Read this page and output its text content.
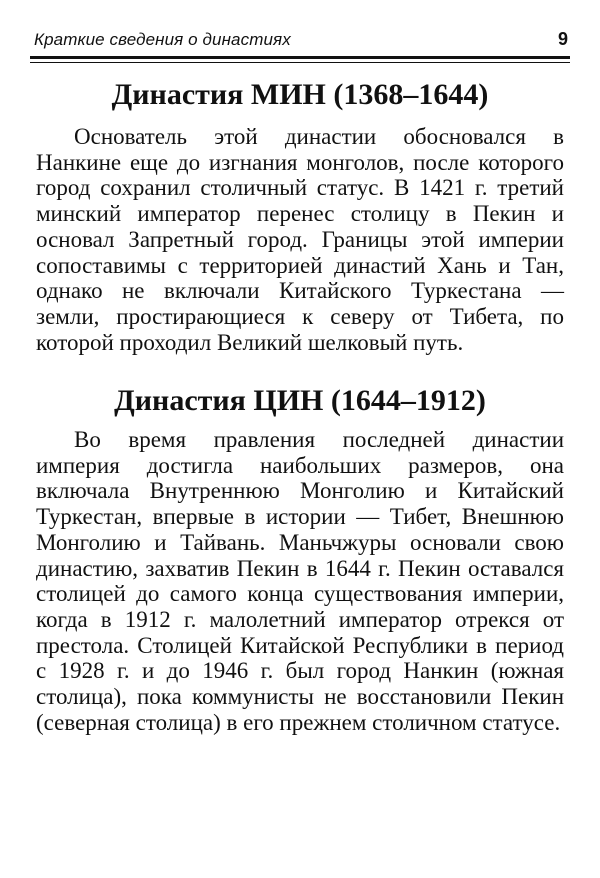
Краткие сведения о династиях	9
Династия МИН (1368–1644)

Основатель этой династии обосновался в Нанкине еще до изгнания монголов, после которого город сохранил столичный статус. В 1421 г. третий минский император перенес столицу в Пекин и основал Запретный город. Границы этой империи сопоставимы с территорией династий Хань и Тан, однако не включали Китайского Туркестана — земли, простирающиеся к северу от Тибета, по которой проходил Великий шелковый путь.

Династия ЦИН (1644–1912)

Во время правления последней династии империя достигла наибольших размеров, она включала Внутреннюю Монголию и Китайский Туркестан, впервые в истории — Тибет, Внешнюю Монголию и Тайвань. Маньчжуры основали свою династию, захватив Пекин в 1644 г. Пекин оставался столицей до самого конца существования империи, когда в 1912 г. малолетний император отрекся от престола. Столицей Китайской Республики в период с 1928 г. и до 1946 г. был город Нанкин (южная столица), пока коммунисты не восстановили Пекин (северная столица) в его прежнем столичном статусе.
